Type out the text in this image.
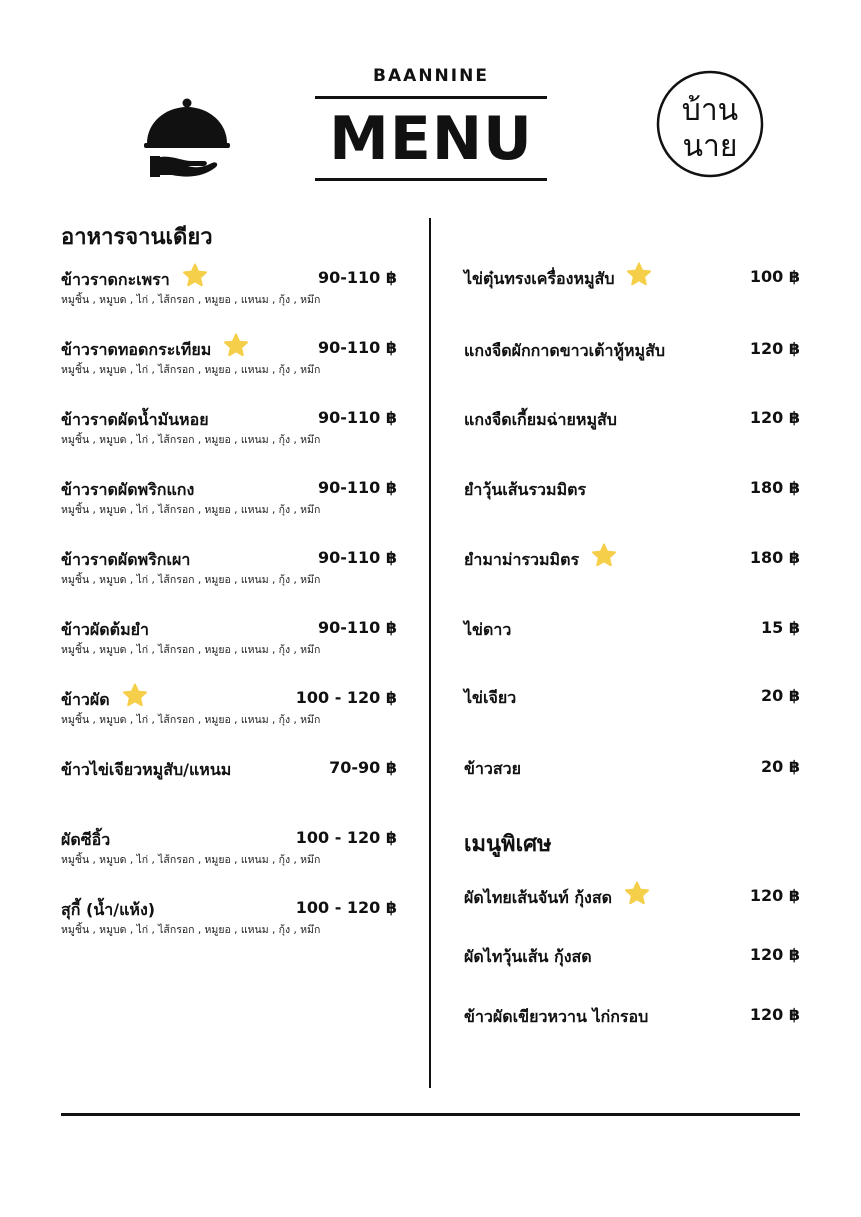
BAANNINE
MENU	บ้าน
นาย
อาหารจานเดียว
ข้าวราดกะเพรา	90-110 ฿
หมูชิ้น , หมูบด , ไก่ , ไส้กรอก , หมูยอ , แหนม , กุ้ง , หมึก
ข้าวราดทอดกระเทียม	90-110 ฿
หมูชิ้น , หมูบด , ไก่ , ไส้กรอก , หมูยอ , แหนม , กุ้ง , หมึก
ข้าวราดผัดน้ำมันหอย	90-110 ฿
หมูชิ้น , หมูบด , ไก่ , ไส้กรอก , หมูยอ , แหนม , กุ้ง , หมึก
ข้าวราดผัดพริกแกง	90-110 ฿
หมูชิ้น , หมูบด , ไก่ , ไส้กรอก , หมูยอ , แหนม , กุ้ง , หมึก
ข้าวราดผัดพริกเผา	90-110 ฿
หมูชิ้น , หมูบด , ไก่ , ไส้กรอก , หมูยอ , แหนม , กุ้ง , หมึก
ข้าวผัดต้มยำ	90-110 ฿
หมูชิ้น , หมูบด , ไก่ , ไส้กรอก , หมูยอ , แหนม , กุ้ง , หมึก
ข้าวผัด	100 - 120 ฿
หมูชิ้น , หมูบด , ไก่ , ไส้กรอก , หมูยอ , แหนม , กุ้ง , หมึก
ข้าวไข่เจียวหมูสับ/แหนม	70-90 ฿
ผัดซีอิ้ว	100 - 120 ฿
หมูชิ้น , หมูบด , ไก่ , ไส้กรอก , หมูยอ , แหนม , กุ้ง , หมึก
สุกี้ (น้ำ/แห้ง)	100 - 120 ฿
หมูชิ้น , หมูบด , ไก่ , ไส้กรอก , หมูยอ , แหนม , กุ้ง , หมึก
ไข่ตุ๋นทรงเครื่องหมูสับ	100 ฿
แกงจืดผักกาดขาวเต้าหู้หมูสับ	120 ฿
แกงจืดเกี้ยมฉ่ายหมูสับ	120 ฿
ยำวุ้นเส้นรวมมิตร	180 ฿
ยำมาม่ารวมมิตร	180 ฿
ไข่ดาว	15 ฿
ไข่เจียว	20 ฿
ข้าวสวย	20 ฿
เมนูพิเศษ
ผัดไทยเส้นจันท์ กุ้งสด	120 ฿
ผัดไทวุ้นเส้น กุ้งสด	120 ฿
ข้าวผัดเขียวหวาน ไก่กรอบ	120 ฿
